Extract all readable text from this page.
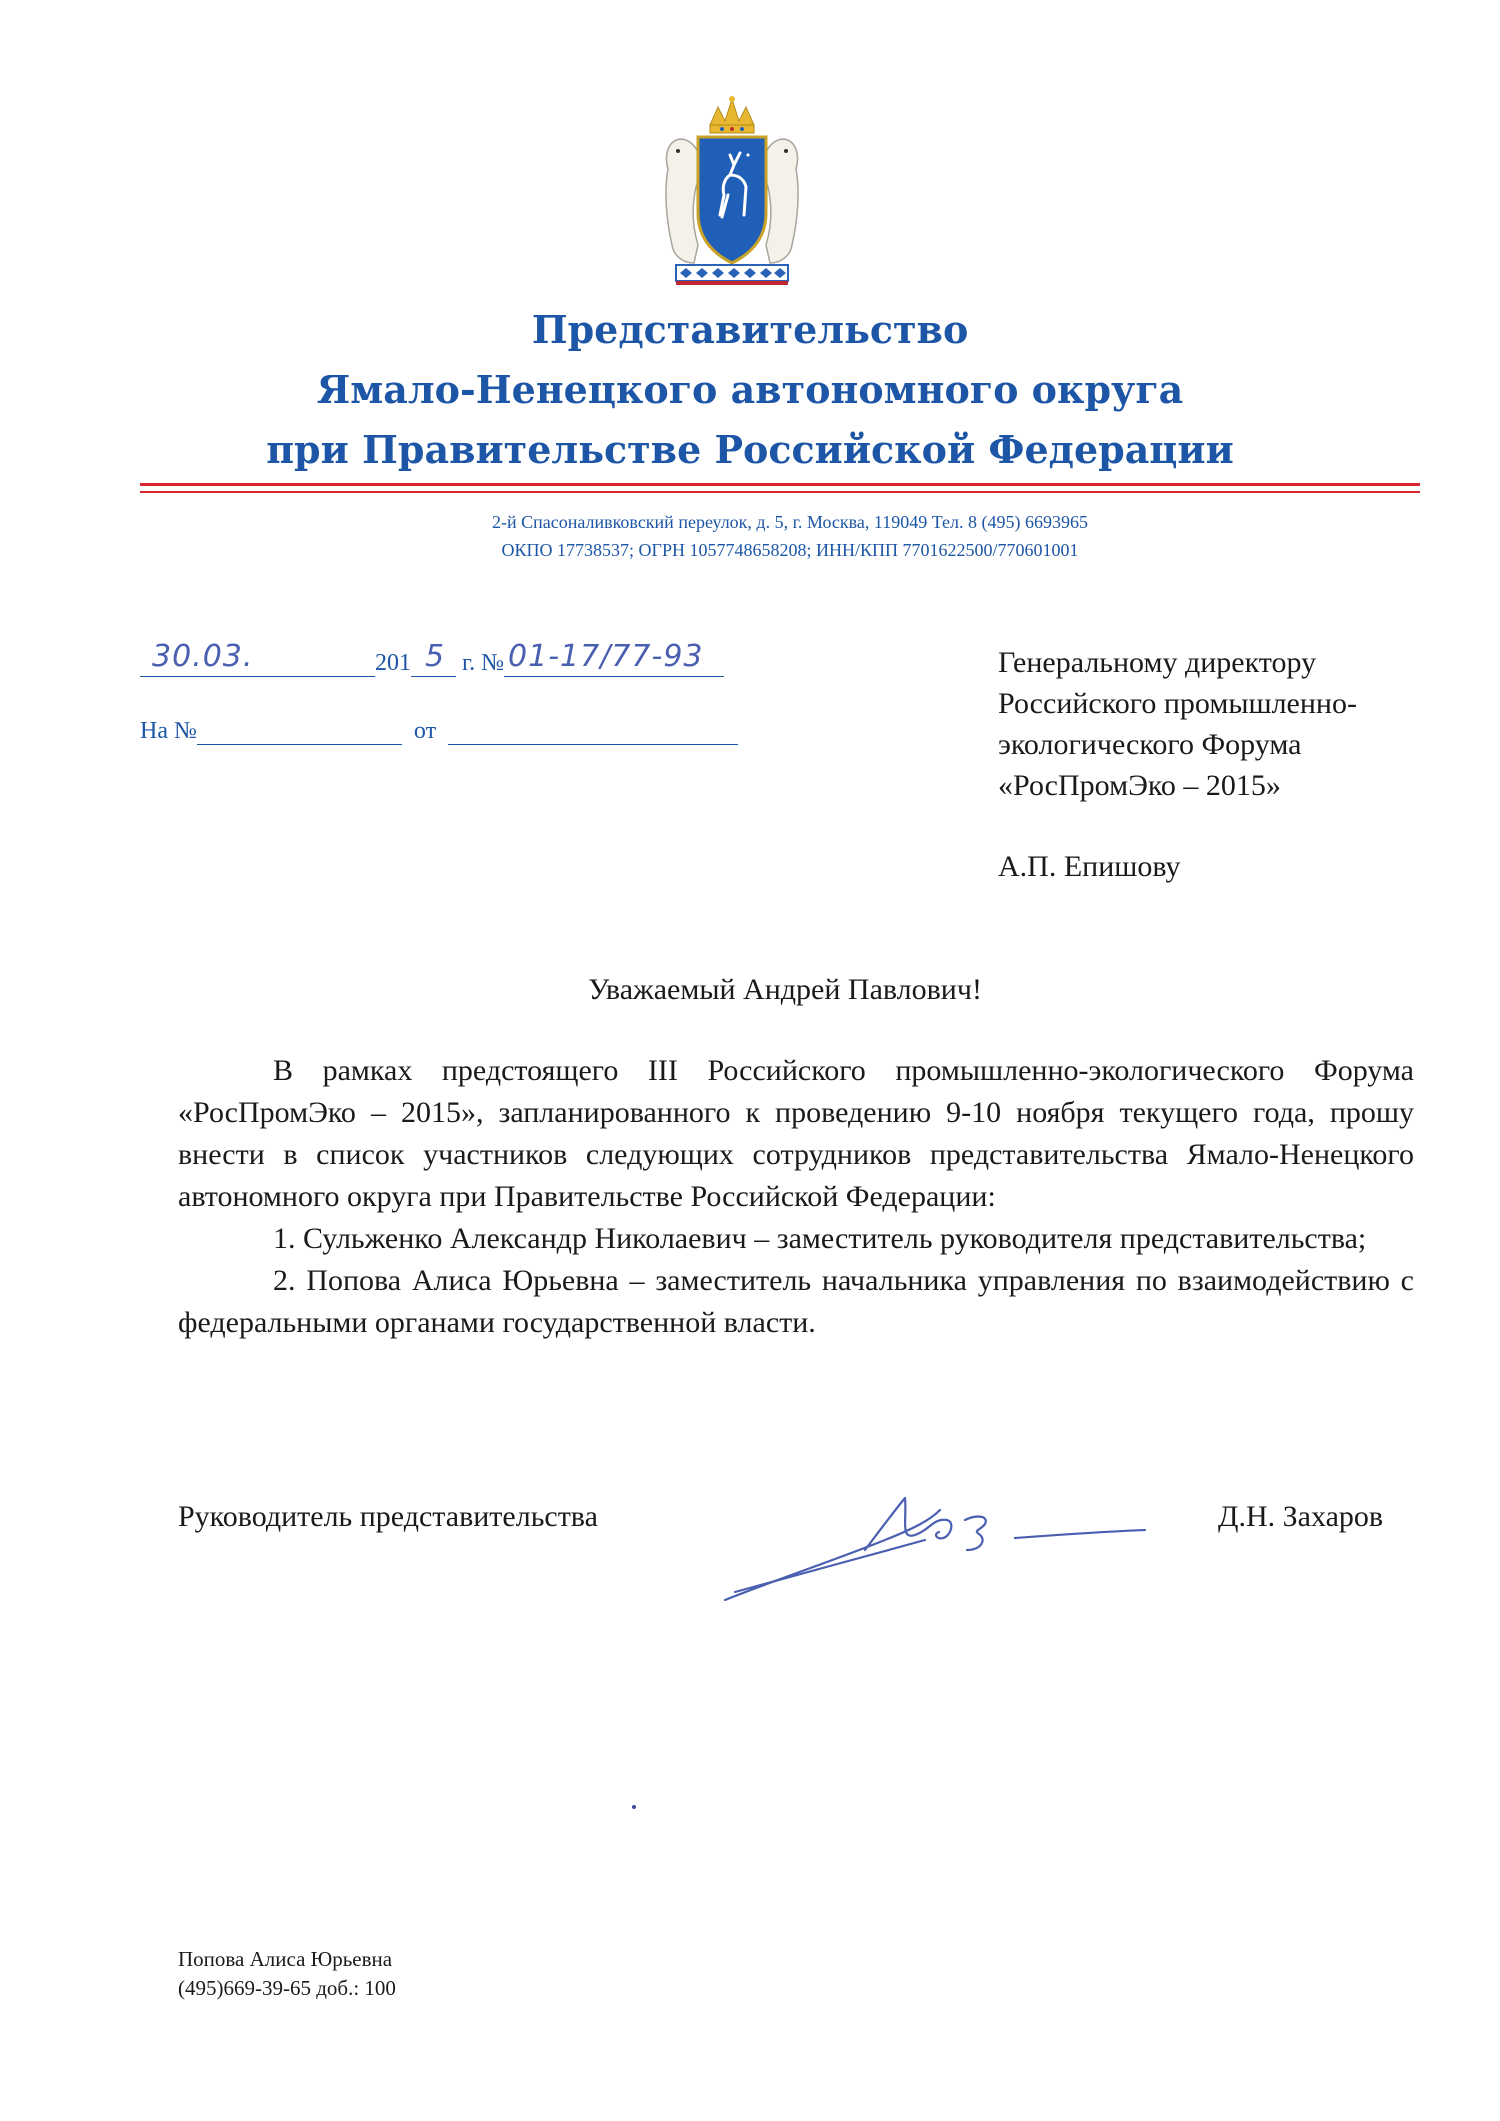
Представительство
Ямало-Ненецкого автономного округа
при Правительстве Российской Федерации
2-й Спасоналивковский переулок, д. 5, г. Москва, 119049 Тел. 8 (495) 6693965
ОКПО 17738537; ОГРН 1057748658208; ИНН/КПП 7701622500/770601001
30.03.	201 5 г. № 01-17/77-93
На №	от
Генеральному директору
Российского промышленно-
экологического Форума
«РосПромЭко – 2015»
А.П. Епишову
Уважаемый Андрей Павлович!

В рамках предстоящего III Российского промышленно-экологического Форума «РосПромЭко – 2015», запланированного к проведению 9-10 ноября текущего года, прошу внести в список участников следующих сотрудников представительства Ямало-Ненецкого автономного округа при Правительстве Российской Федерации:

1. Сульженко Александр Николаевич – заместитель руководителя представительства;

2. Попова Алиса Юрьевна – заместитель начальника управления по взаимодействию с федеральными органами государственной власти.

Руководитель представительства	Д.Н. Захаров
Попова Алиса Юрьевна
(495)669-39-65 доб.: 100
